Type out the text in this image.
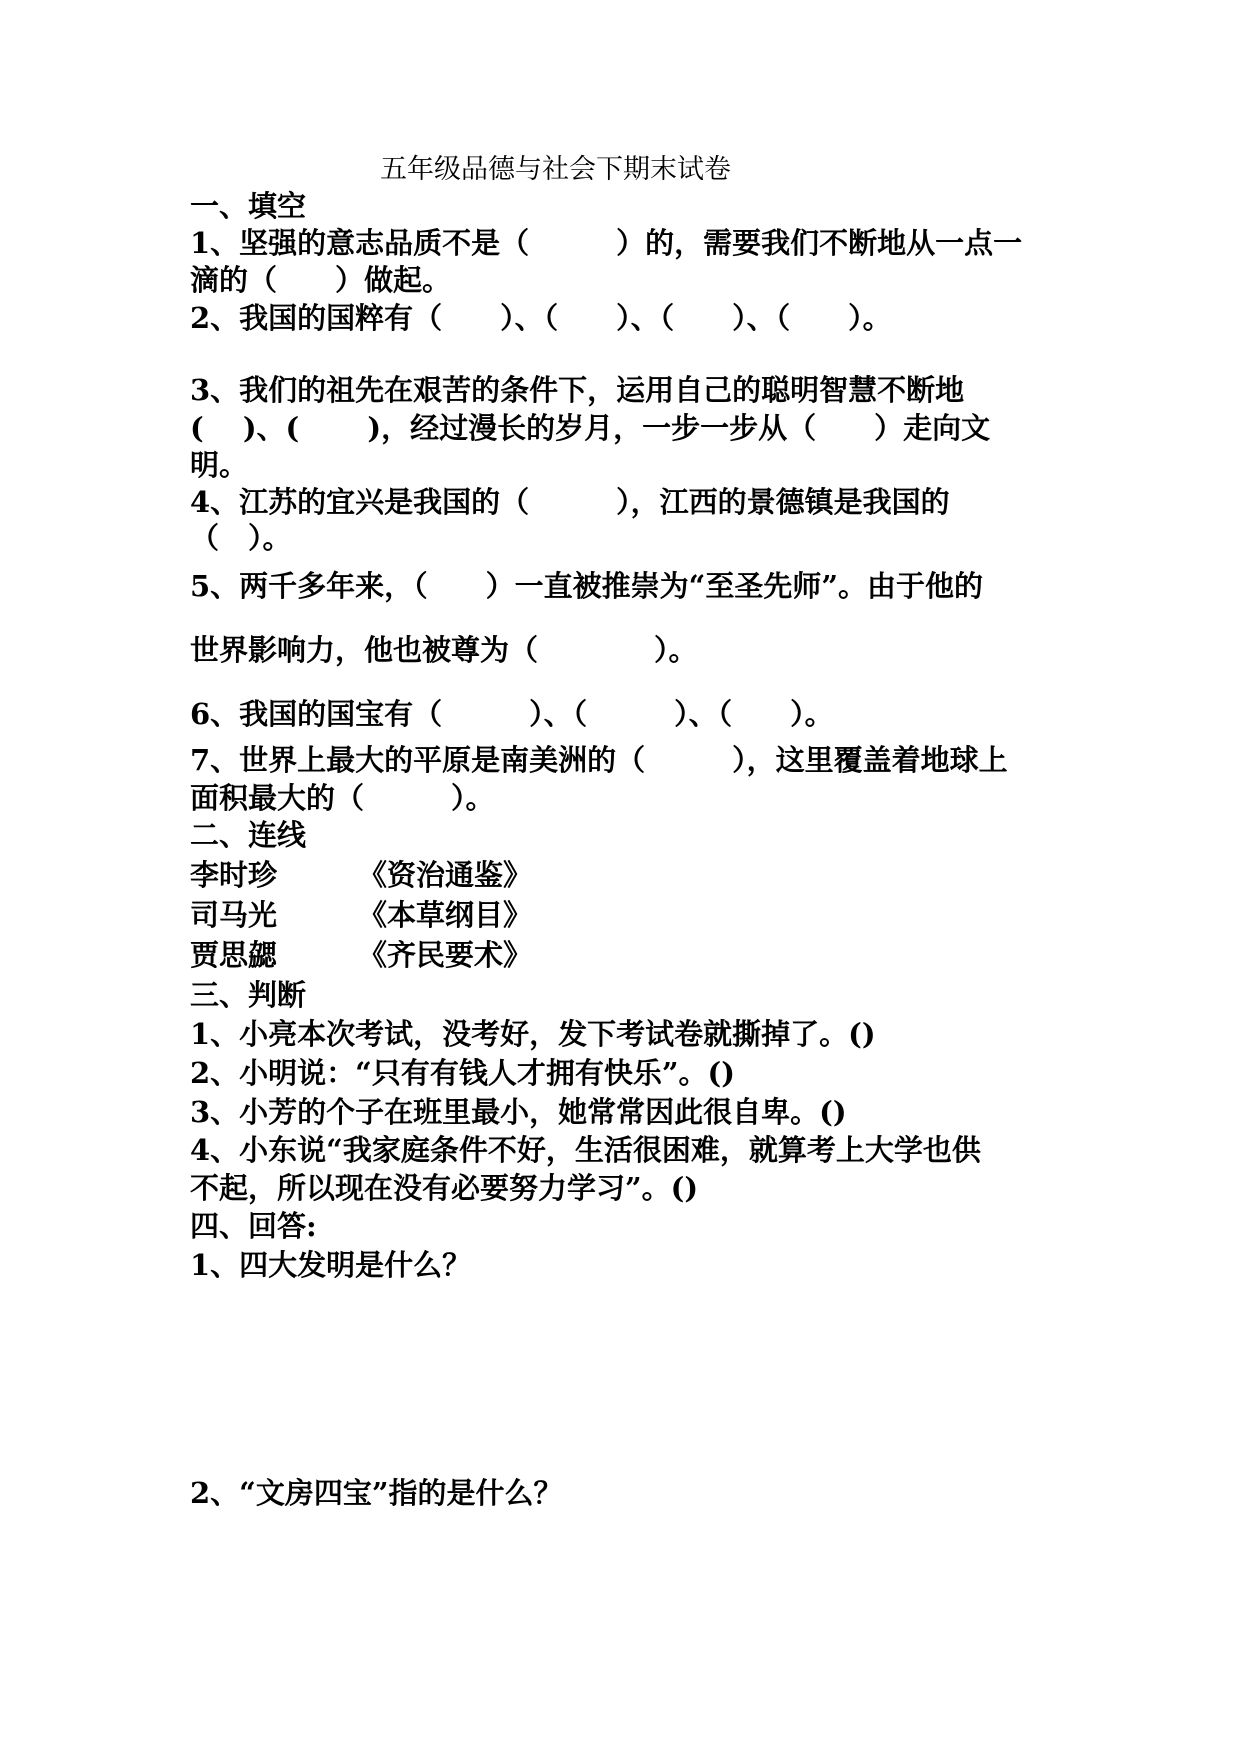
五年级品德与社会下期末试卷
一、填空
1、坚强的意志品质不是（　　　）的，需要我们不断地从一点一
滴的（　　）做起。
2、我国的国粹有（　　）、（　　）、（　　）、（　　）。
3、我们的祖先在艰苦的条件下，运用自己的聪明智慧不断地
(　 )、(　　 )，经过漫长的岁月，一步一步从（　　）走向文
明。
4、江苏的宜兴是我国的（　　　），江西的景德镇是我国的
（　）。
5、两千多年来，（　　）一直被推崇为“至圣先师”。由于他的
世界影响力，他也被尊为（　　　　）。
6、我国的国宝有（　　　）、（　　　）、（　　）。
7、世界上最大的平原是南美洲的（　　　），这里覆盖着地球上
面积最大的（　　　）。
二、连线
李时珍	《资治通鉴》
司马光	《本草纲目》
贾思勰	《齐民要术》
三、判断
1、小亮本次考试，没考好，发下考试卷就撕掉了。()
2、小明说：“只有有钱人才拥有快乐”。()
3、小芳的个子在班里最小，她常常因此很自卑。()
4、小东说“我家庭条件不好，生活很困难，就算考上大学也供
不起，所以现在没有必要努力学习”。()
四、回答:
1、四大发明是什么？
2、“文房四宝”指的是什么？
